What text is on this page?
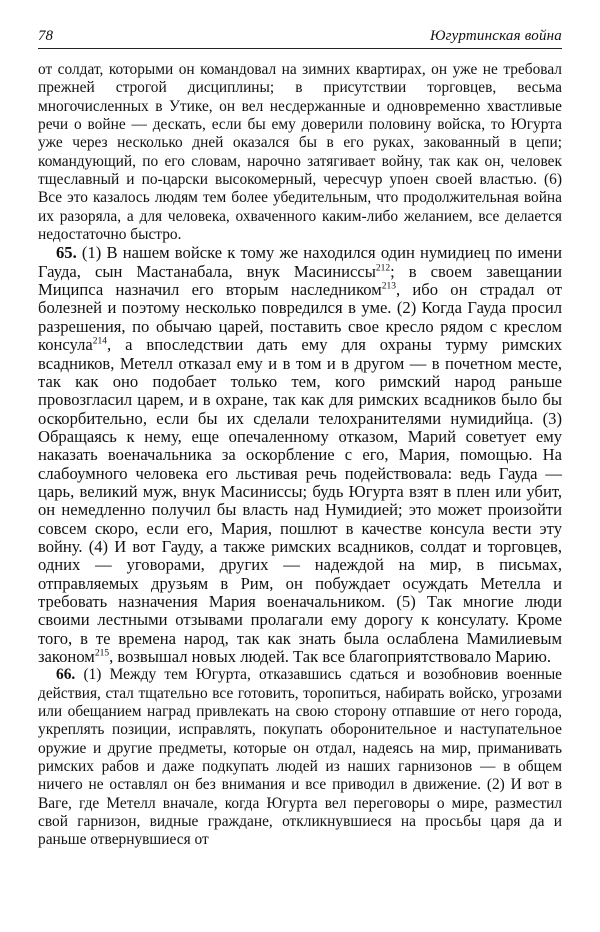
78	Югуртинская война

от солдат, которыми он командовал на зимних квартирах, он уже не требовал прежней строгой дисциплины; в присутствии торговцев, весьма многочисленных в Утике, он вел несдержанные и одновременно хвастливые речи о войне — дескать, если бы ему доверили половину войска, то Югурта уже через несколько дней оказался бы в его руках, закованный в цепи; командующий, по его словам, нарочно затягивает войну, так как он, человек тщеславный и по-царски высокомерный, чересчур упоен своей властью. (6) Все это казалось людям тем более убедительным, что продолжительная война их разоряла, а для человека, охваченного каким-либо желанием, все делается недостаточно быстро.

65. (1) В нашем войске к тому же находился один нумидиец по имени Гауда, сын Мастанабала, внук Масиниссы$^{212}$; в своем завещании Миципса назначил его вторым наследником$^{213}$, ибо он страдал от болезней и поэтому несколько повредился в уме. (2) Когда Гауда просил разрешения, по обычаю царей, поставить свое кресло рядом с креслом консула$^{214}$, а впоследствии дать ему для охраны турму римских всадников, Метелл отказал ему и в том и в другом — в почетном месте, так как оно подобает только тем, кого римский народ раньше провозгласил царем, и в охране, так как для римских всадников было бы оскорбительно, если бы их сделали телохранителями нумидийца. (3) Обращаясь к нему, еще опечаленному отказом, Марий советует ему наказать военачальника за оскорбление с его, Мария, помощью. На слабоумного человека его льстивая речь подействовала: ведь Гауда — царь, великий муж, внук Масиниссы; будь Югурта взят в плен или убит, он немедленно получил бы власть над Нумидией; это может произойти совсем скоро, если его, Мария, пошлют в качестве консула вести эту войну. (4) И вот Гауду, а также римских всадников, солдат и торговцев, одних — уговорами, других — надеждой на мир, в письмах, отправляемых друзьям в Рим, он побуждает осуждать Метелла и требовать назначения Мария военачальником. (5) Так многие люди своими лестными отзывами пролагали ему дорогу к консулату. Кроме того, в те времена народ, так как знать была ослаблена Мамилиевым законом$^{215}$, возвышал новых людей. Так все благоприятствовало Марию.

66. (1) Между тем Югурта, отказавшись сдаться и возобновив военные действия, стал тщательно все готовить, торопиться, набирать войско, угрозами или обещанием наград привлекать на свою сторону отпавшие от него города, укреплять позиции, исправлять, покупать оборонительное и наступательное оружие и другие предметы, которые он отдал, надеясь на мир, приманивать римских рабов и даже подкупать людей из наших гарнизонов — в общем ничего не оставлял он без внимания и все приводил в движение. (2) И вот в Ваге, где Метелл вначале, когда Югурта вел переговоры о мире, разместил свой гарнизон, видные граждане, откликнувшиеся на просьбы царя да и раньше отвернувшиеся от
